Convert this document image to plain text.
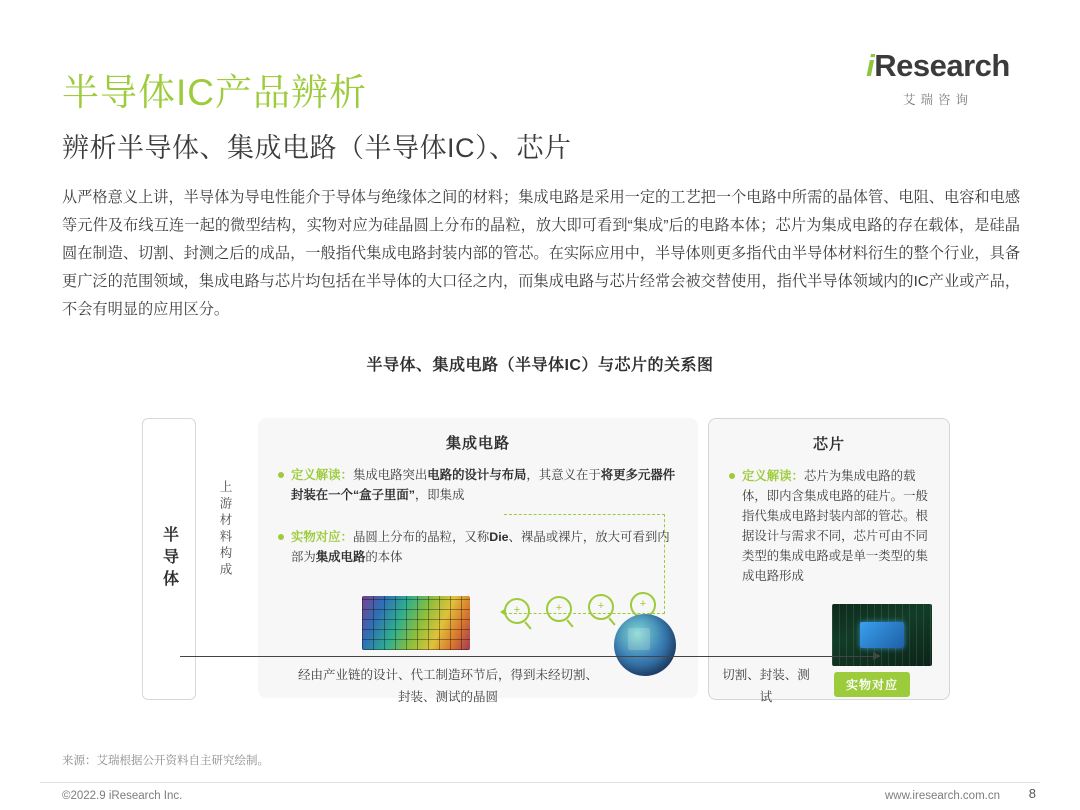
iResearch
艾瑞咨询
半导体IC产品辨析
辨析半导体、集成电路（半导体IC）、芯片
从严格意义上讲，半导体为导电性能介于导体与绝缘体之间的材料；集成电路是采用一定的工艺把一个电路中所需的晶体管、电阻、电容和电感等元件及布线互连一起的微型结构，实物对应为硅晶圆上分布的晶粒，放大即可看到“集成”后的电路本体；芯片为集成电路的存在载体，是硅晶圆在制造、切割、封测之后的成品，一般指代集成电路封装内部的管芯。在实际应用中，半导体则更多指代由半导体材料衍生的整个行业，具备更广泛的范围领域，集成电路与芯片均包括在半导体的大口径之内，而集成电路与芯片经常会被交替使用，指代半导体领域内的IC产业或产品，不会有明显的应用区分。
半导体、集成电路（半导体IC）与芯片的关系图
半导体	上游材料构成
集成电路
定义解读：集成电路突出电路的设计与布局，其意义在于将更多元器件封装在一个“盒子里面”，即集成
实物对应：晶圆上分布的晶粒，又称Die、裸晶或裸片，放大可看到内部为集成电路的本体
+	+	+	+
芯片
定义解读：芯片为集成电路的载体，即内含集成电路的硅片。一般指代集成电路封装内部的管芯。根据设计与需求不同，芯片可由不同类型的集成电路或是单一类型的集成电路形成
实物对应
经由产业链的设计、代工制造环节后，得到未经切割、封装、测试的晶圆
切割、封装、测试
来源：艾瑞根据公开资料自主研究绘制。
©2022.9 iResearch Inc.	www.iresearch.com.cn 8
